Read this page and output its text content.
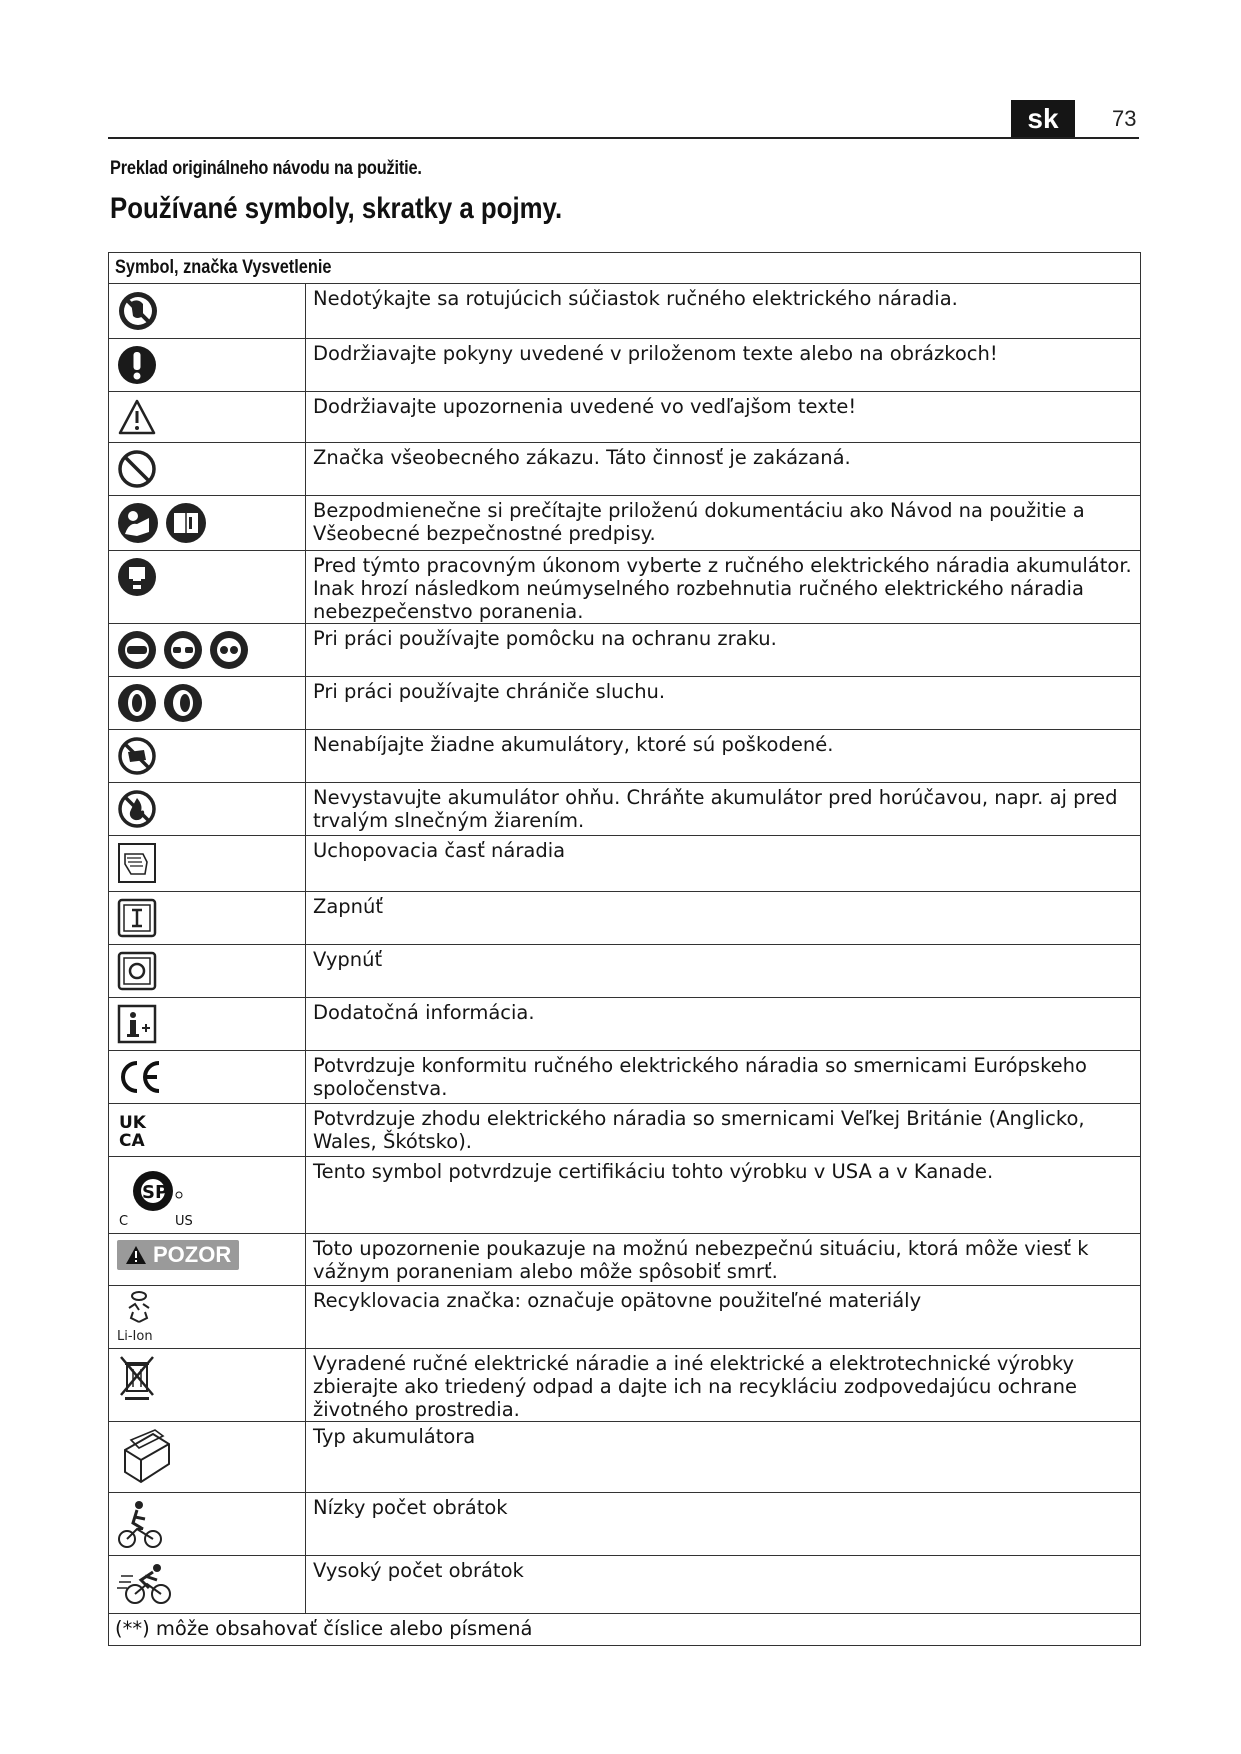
sk	73
Preklad originálneho návodu na použitie.
Používané symboly, skratky a pojmy.
Symbol, značka Vysvetlenie	

	Nedotýkajte sa rotujúcich súčiastok ručného elektrického náradia.

	Dodržiavajte pokyny uvedené v priloženom texte alebo na obrázkoch!

	Dodržiavajte upozornenia uvedené vo vedľajšom texte!

	Značka všeobecného zákazu. Táto činnosť je zakázaná.

	Bezpodmienečne si prečítajte priloženú dokumentáciu ako Návod na použitie a Všeobecné bezpečnostné predpisy.

	Pred týmto pracovným úkonom vyberte z ručného elektrického náradia akumulátor. Inak hrozí následkom neúmyselného rozbehnutia ručného elektrického náradia nebezpečenstvo poranenia.

	Pri práci používajte pomôcku na ochranu zraku.

	Pri práci používajte chrániče sluchu.

	Nenabíjajte žiadne akumulátory, ktoré sú poškodené.

	Nevystavujte akumulátor ohňu. Chráňte akumulátor pred horúčavou, napr. aj pred trvalým slnečným žiarením.

	Uchopovacia časť náradia

	Zapnúť

	Vypnúť

	Dodatočná informácia.

	Potvrdzuje konformitu ručného elektrického náradia so smernicami Európskeho spoločenstva.

UK
CA	Potvrdzuje zhodu elektrického náradia so smernicami Veľkej Británie (Anglicko, Wales, Škótsko).

SP
C US	Tento symbol potvrdzuje certifikáciu tohto výrobku v USA a v Kanade.

POZOR	Toto upozornenie poukazuje na možnú nebezpečnú situáciu, ktorá môže viesť k vážnym poraneniam alebo môže spôsobiť smrť.

Li-Ion	Recyklovacia značka: označuje opätovne použiteľné materiály

	Vyradené ručné elektrické náradie a iné elektrické a elektrotechnické výrobky zbierajte ako triedený odpad a dajte ich na recykláciu zodpovedajúcu ochrane životného prostredia.

	Typ akumulátora

	Nízky počet obrátok

	Vysoký počet obrátok
(**) môže obsahovať číslice alebo písmená	
